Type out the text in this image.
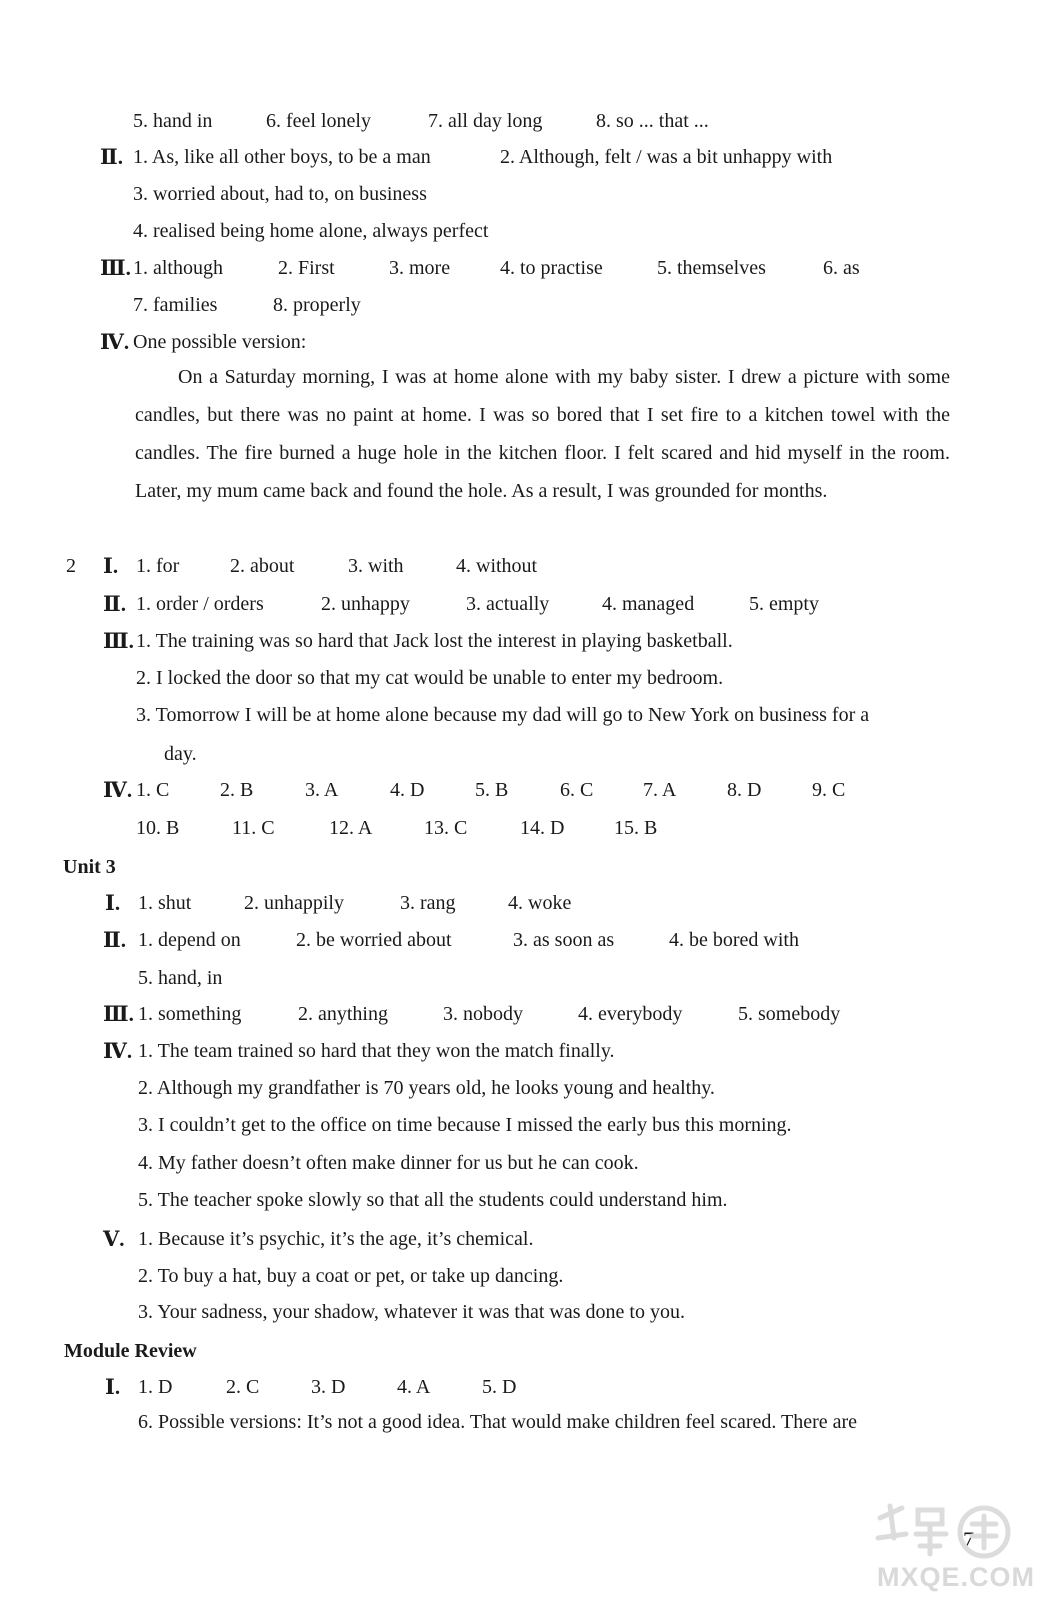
5. hand in	6. feel lonely	7. all day long	8. so ... that ...
Ⅱ. 1. As, like all other boys, to be a man	2. Although, felt / was a bit unhappy with
3. worried about, had to, on business
4. realised being home alone, always perfect
Ⅲ. 1. although	2. First	3. more 4. to practise	5. themselves	6. as
7. families	8. properly
Ⅳ. One possible version:
On a Saturday morning, I was at home alone with my baby sister. I drew a picture with some candles, but there was no paint at home. I was so bored that I set fire to a kitchen towel with the candles. The fire burned a huge hole in the kitchen floor. I felt scared and hid myself in the room. Later, my mum came back and found the hole. As a result, I was grounded for months.
2 Ⅰ. 1. for	2. about	3. with	4. without
Ⅱ. 1. order / orders	2. unhappy	3. actually	4. managed	5. empty
Ⅲ. 1. The training was so hard that Jack lost the interest in playing basketball.
2. I locked the door so that my cat would be unable to enter my bedroom.
3. Tomorrow I will be at home alone because my dad will go to New York on business for a
day.
Ⅳ. 1. C	2. B	3. A	4. D	5. B	6. C 7. A	8. D	9. C
10. B	11. C	12. A	13. C	14. D 15. B
Unit 3
Ⅰ. 1. shut	2. unhappily	3. rang	4. woke
Ⅱ. 1. depend on	2. be worried about	3. as soon as	4. be bored with
5. hand, in
Ⅲ. 1. something	2. anything	3. nobody	4. everybody	5. somebody
Ⅳ. 1. The team trained so hard that they won the match finally.
2. Although my grandfather is 70 years old, he looks young and healthy.
3. I couldn’t get to the office on time because I missed the early bus this morning.
4. My father doesn’t often make dinner for us but he can cook.
5. The teacher spoke slowly so that all the students could understand him.
Ⅴ. 1. Because it’s psychic, it’s the age, it’s chemical.
2. To buy a hat, buy a coat or pet, or take up dancing.
3. Your sadness, your shadow, whatever it was that was done to you.
Module Review
Ⅰ. 1. D	2. C	3. D	4. A	5. D
6. Possible versions: It’s not a good idea. That would make children feel scared. There are
7
MXQE.COM
